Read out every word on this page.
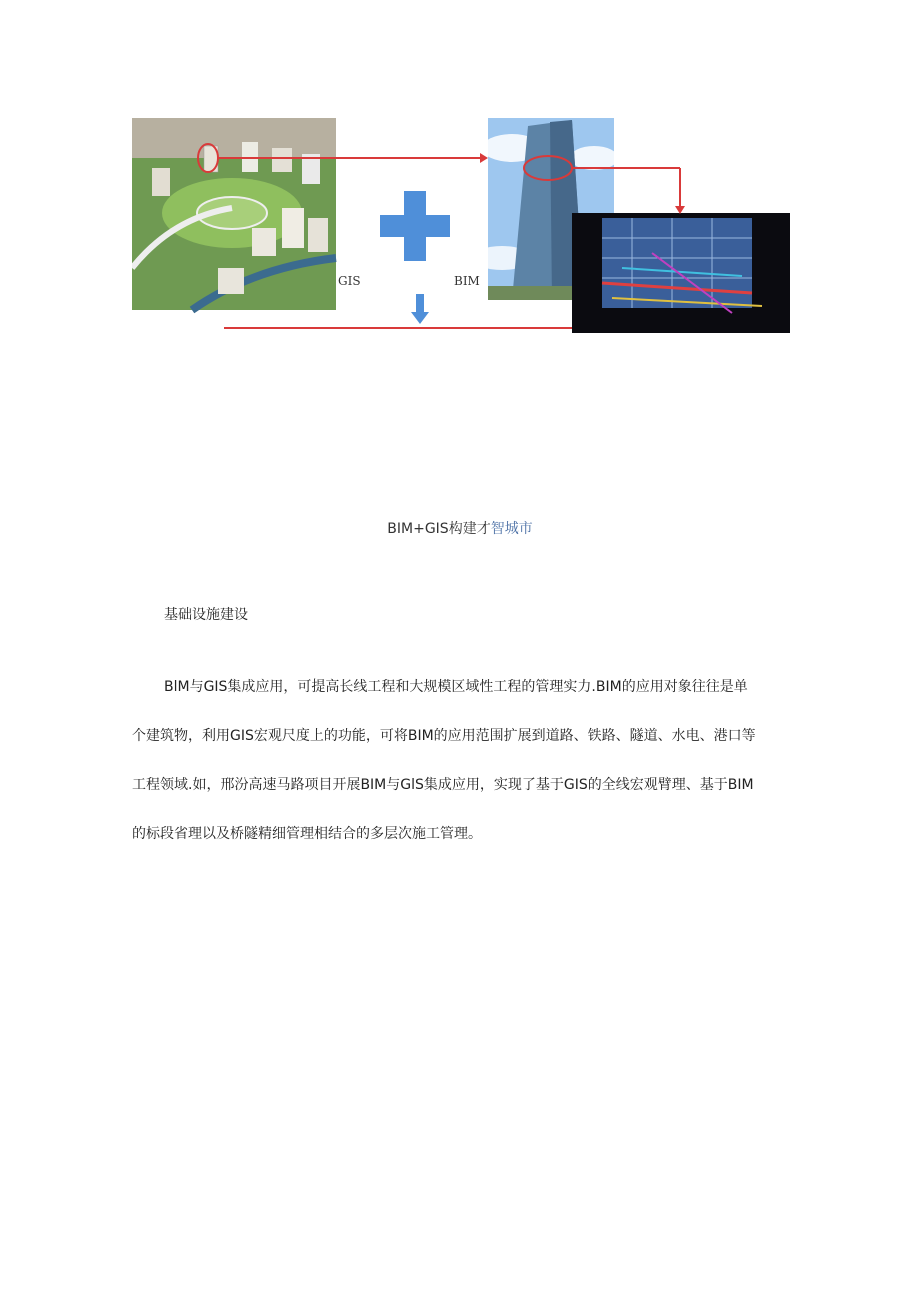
GIS	BIM
BIM+GIS构建才智城市
基础设施建设
BlM与GIS集成应用，可提高长线工程和大规模区域性工程的管理实力.BIM的应用对象往往是单
个建筑物，利用GIS宏观尺度上的功能，可将BIM的应用范围扩展到道路、铁路、隧道、水电、港口等
工程领域.如，邢汾高速马路项目开展BIM与GlS集成应用，实现了基于GIS的全线宏观臂理、基于BIM
的标段省理以及桥隧精细管理相结合的多层次施工管理。
